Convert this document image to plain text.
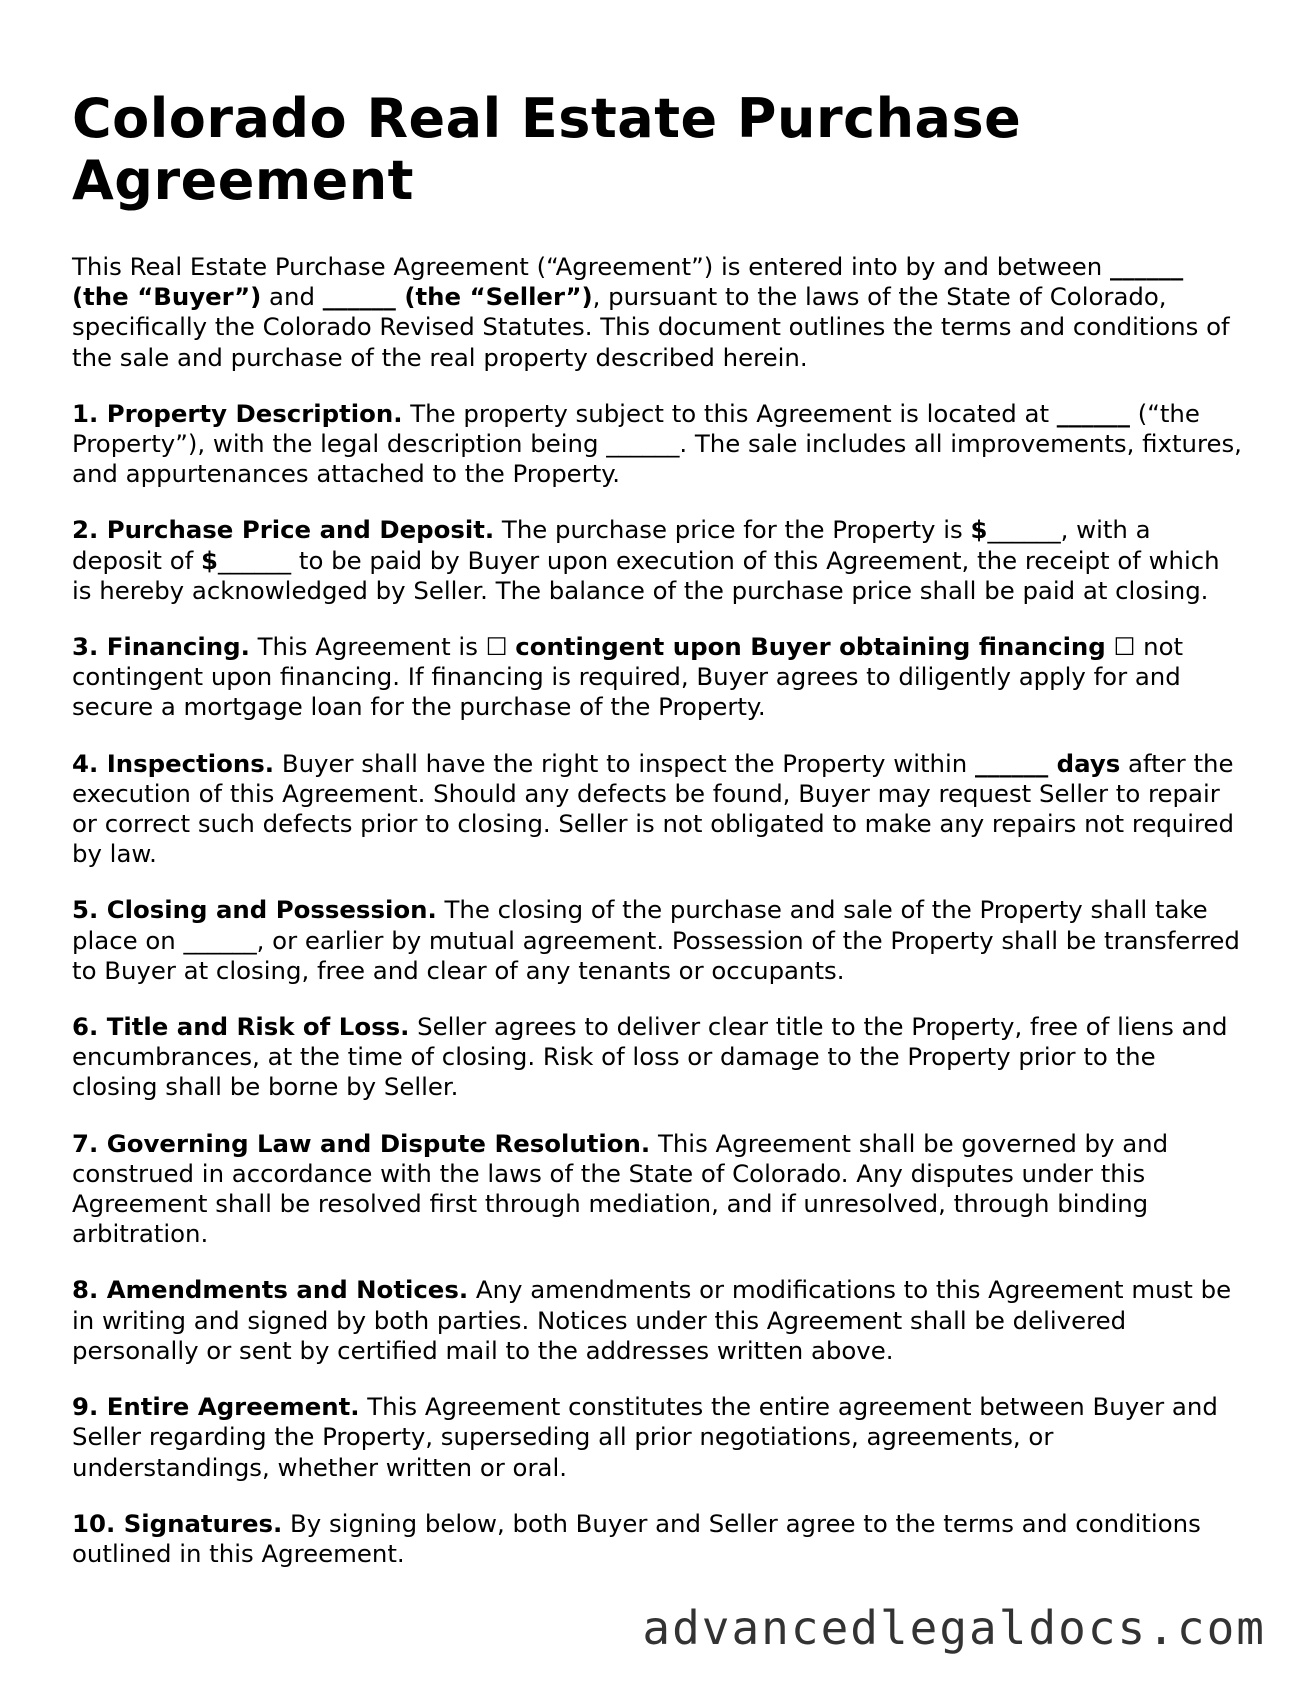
Colorado Real Estate Purchase Agreement

This Real Estate Purchase Agreement (“Agreement”) is entered into by and between ______ (the “Buyer”) and ______ (the “Seller”), pursuant to the laws of the State of Colorado, specifically the Colorado Revised Statutes. This document outlines the terms and conditions of the sale and purchase of the real property described herein.

1. Property Description. The property subject to this Agreement is located at ______ (“the Property”), with the legal description being ______. The sale includes all improvements, fixtures, and appurtenances attached to the Property.

2. Purchase Price and Deposit. The purchase price for the Property is $______, with a deposit of $______ to be paid by Buyer upon execution of this Agreement, the receipt of which is hereby acknowledged by Seller. The balance of the purchase price shall be paid at closing.

3. Financing. This Agreement is ☐ contingent upon Buyer obtaining financing ☐ not contingent upon financing. If financing is required, Buyer agrees to diligently apply for and secure a mortgage loan for the purchase of the Property.

4. Inspections. Buyer shall have the right to inspect the Property within ______ days after the execution of this Agreement. Should any defects be found, Buyer may request Seller to repair or correct such defects prior to closing. Seller is not obligated to make any repairs not required by law.

5. Closing and Possession. The closing of the purchase and sale of the Property shall take place on ______, or earlier by mutual agreement. Possession of the Property shall be transferred to Buyer at closing, free and clear of any tenants or occupants.

6. Title and Risk of Loss. Seller agrees to deliver clear title to the Property, free of liens and encumbrances, at the time of closing. Risk of loss or damage to the Property prior to the closing shall be borne by Seller.

7. Governing Law and Dispute Resolution. This Agreement shall be governed by and construed in accordance with the laws of the State of Colorado. Any disputes under this Agreement shall be resolved first through mediation, and if unresolved, through binding arbitration.

8. Amendments and Notices. Any amendments or modifications to this Agreement must be in writing and signed by both parties. Notices under this Agreement shall be delivered personally or sent by certified mail to the addresses written above.

9. Entire Agreement. This Agreement constitutes the entire agreement between Buyer and Seller regarding the Property, superseding all prior negotiations, agreements, or understandings, whether written or oral.

10. Signatures. By signing below, both Buyer and Seller agree to the terms and conditions outlined in this Agreement.

advancedlegaldocs.com
